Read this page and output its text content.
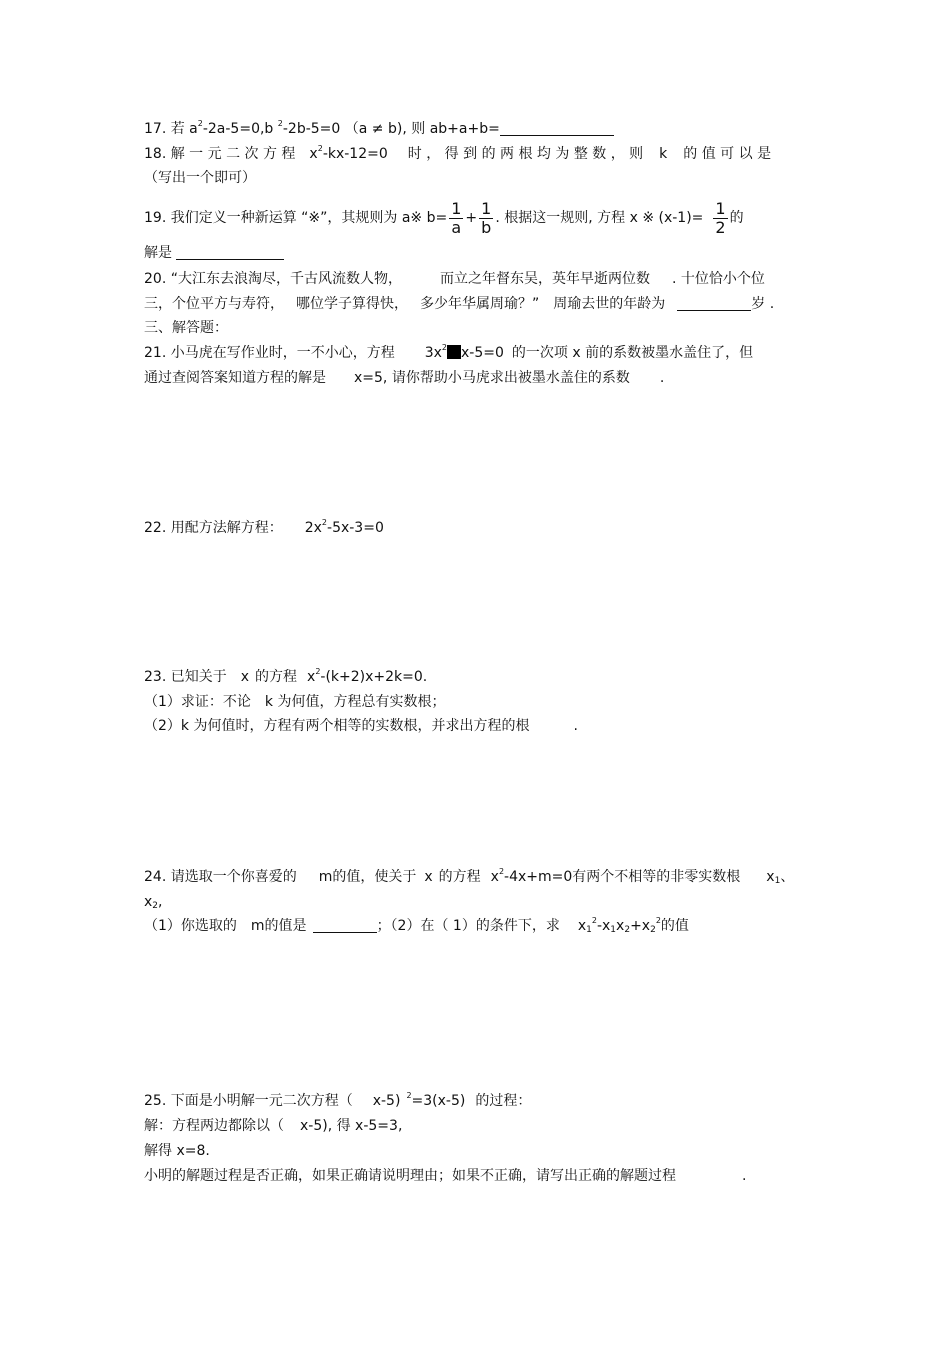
17. 若 $a^2-2a-5=0,b$ $^2$-2b-5=0 （a ≠ b), 则 ab+a+b=
18. 解 一 元 二 次 方 程 $x^2-kx-12=0$ 时 ， 得 到 的 两 根 均 为 整 数 ， 则 k 的 值 可 以 是
（写出一个即可）
19. 我们定义一种新运算 “※”，其规则为 a※ $b= \frac{1}{a} + \frac{1}{b}$ . 根据这一规则, 方程 x ※ $(x-1)= \frac{1}{2}$ 的
解是
20. “大江东去浪淘尽，千古风流数人物，	而立之年督东吴，英年早逝两位数 . 十位恰小个位
三，个位平方与寿符， 哪位学子算得快， 多少年华属周瑜？” 周瑜去世的年龄为	岁 .
三、解答题：
21. 小马虎在写作业时，一不小心，方程 $3x^2$ x-5=0 的一次项 x 前的系数被墨水盖住了，但
通过查阅答案知道方程的解是 x=5, 请你帮助小马虎求出被墨水盖住的系数 .
22. 用配方法解方程： $2x^2-5x-3=0$
23. 已知关于 x 的方程 $x^2-(k+2)x+2k=0$.
（1）求证：不论 k 为何值，方程总有实数根；
（2）k 为何值时，方程有两个相等的实数根，并求出方程的根	.
24. 请选取一个你喜爱的 m的值，使关于 x 的方程 $x^2-4x+m=0$有两个不相等的非零实数根 $x_1$、
$x_2$,
（1）你选取的 m的值是	；（2）在（ 1）的条件下，求 $x_1^2-x_1x_2+x_2^2$的值
25. 下面是小明解一元二次方程（ x-5) $^2$=3(x-5) 的过程：
解：方程两边都除以（ x-5), 得 x-5=3,
解得 x=8.
小明的解题过程是否正确，如果正确请说明理由；如果不正确，请写出正确的解题过程	.
